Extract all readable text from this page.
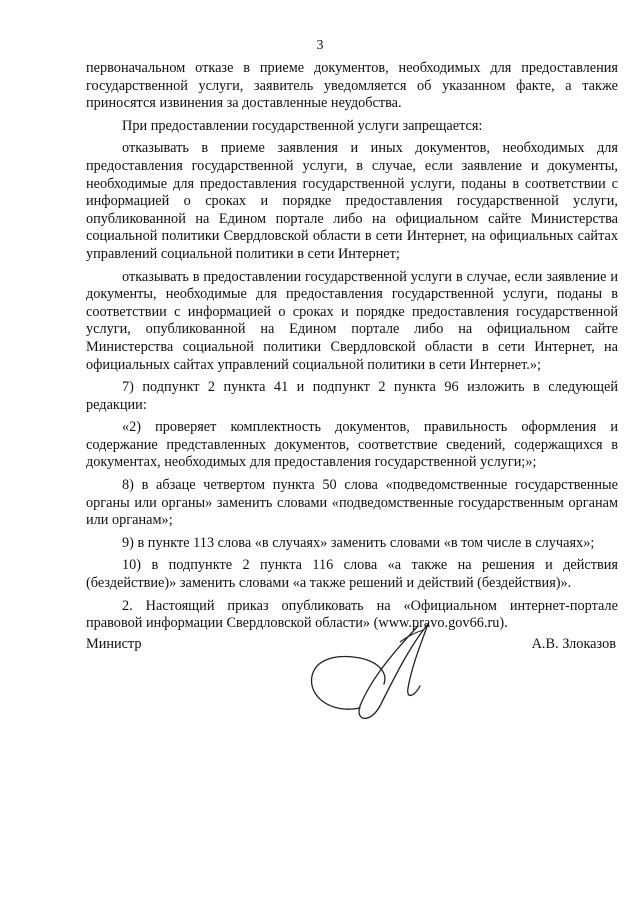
3

первоначальном отказе в приеме документов, необходимых для предоставления государственной услуги, заявитель уведомляется об указанном факте, а также приносятся извинения за доставленные неудобства.

При предоставлении государственной услуги запрещается:

отказывать в приеме заявления и иных документов, необходимых для предоставления государственной услуги, в случае, если заявление и документы, необходимые для предоставления государственной услуги, поданы в соответствии с информацией о сроках и порядке предоставления государственной услуги, опубликованной на Едином портале либо на официальном сайте Министерства социальной политики Свердловской области в сети Интернет, на официальных сайтах управлений социальной политики в сети Интернет;

отказывать в предоставлении государственной услуги в случае, если заявление и документы, необходимые для предоставления государственной услуги, поданы в соответствии с информацией о сроках и порядке предоставления государственной услуги, опубликованной на Едином портале либо на официальном сайте Министерства социальной политики Свердловской области в сети Интернет, на официальных сайтах управлений социальной политики в сети Интернет.»;

7) подпункт 2 пункта 41 и подпункт 2 пункта 96 изложить в следующей редакции:

«2) проверяет комплектность документов, правильность оформления и содержание представленных документов, соответствие сведений, содержащихся в документах, необходимых для предоставления государственной услуги;»;

8) в абзаце четвертом пункта 50 слова «подведомственные государственные органы или органы» заменить словами «подведомственные государственным органам или органам»;

9) в пункте 113 слова «в случаях» заменить словами «в том числе в случаях»;

10) в подпункте 2 пункта 116 слова «а также на решения и действия (бездействие)» заменить словами «а также решений и действий (бездействия)».

2. Настоящий приказ опубликовать на «Официальном интернет-портале правовой информации Свердловской области» (www.pravo.gov66.ru).

Министр	А.В. Злоказов
